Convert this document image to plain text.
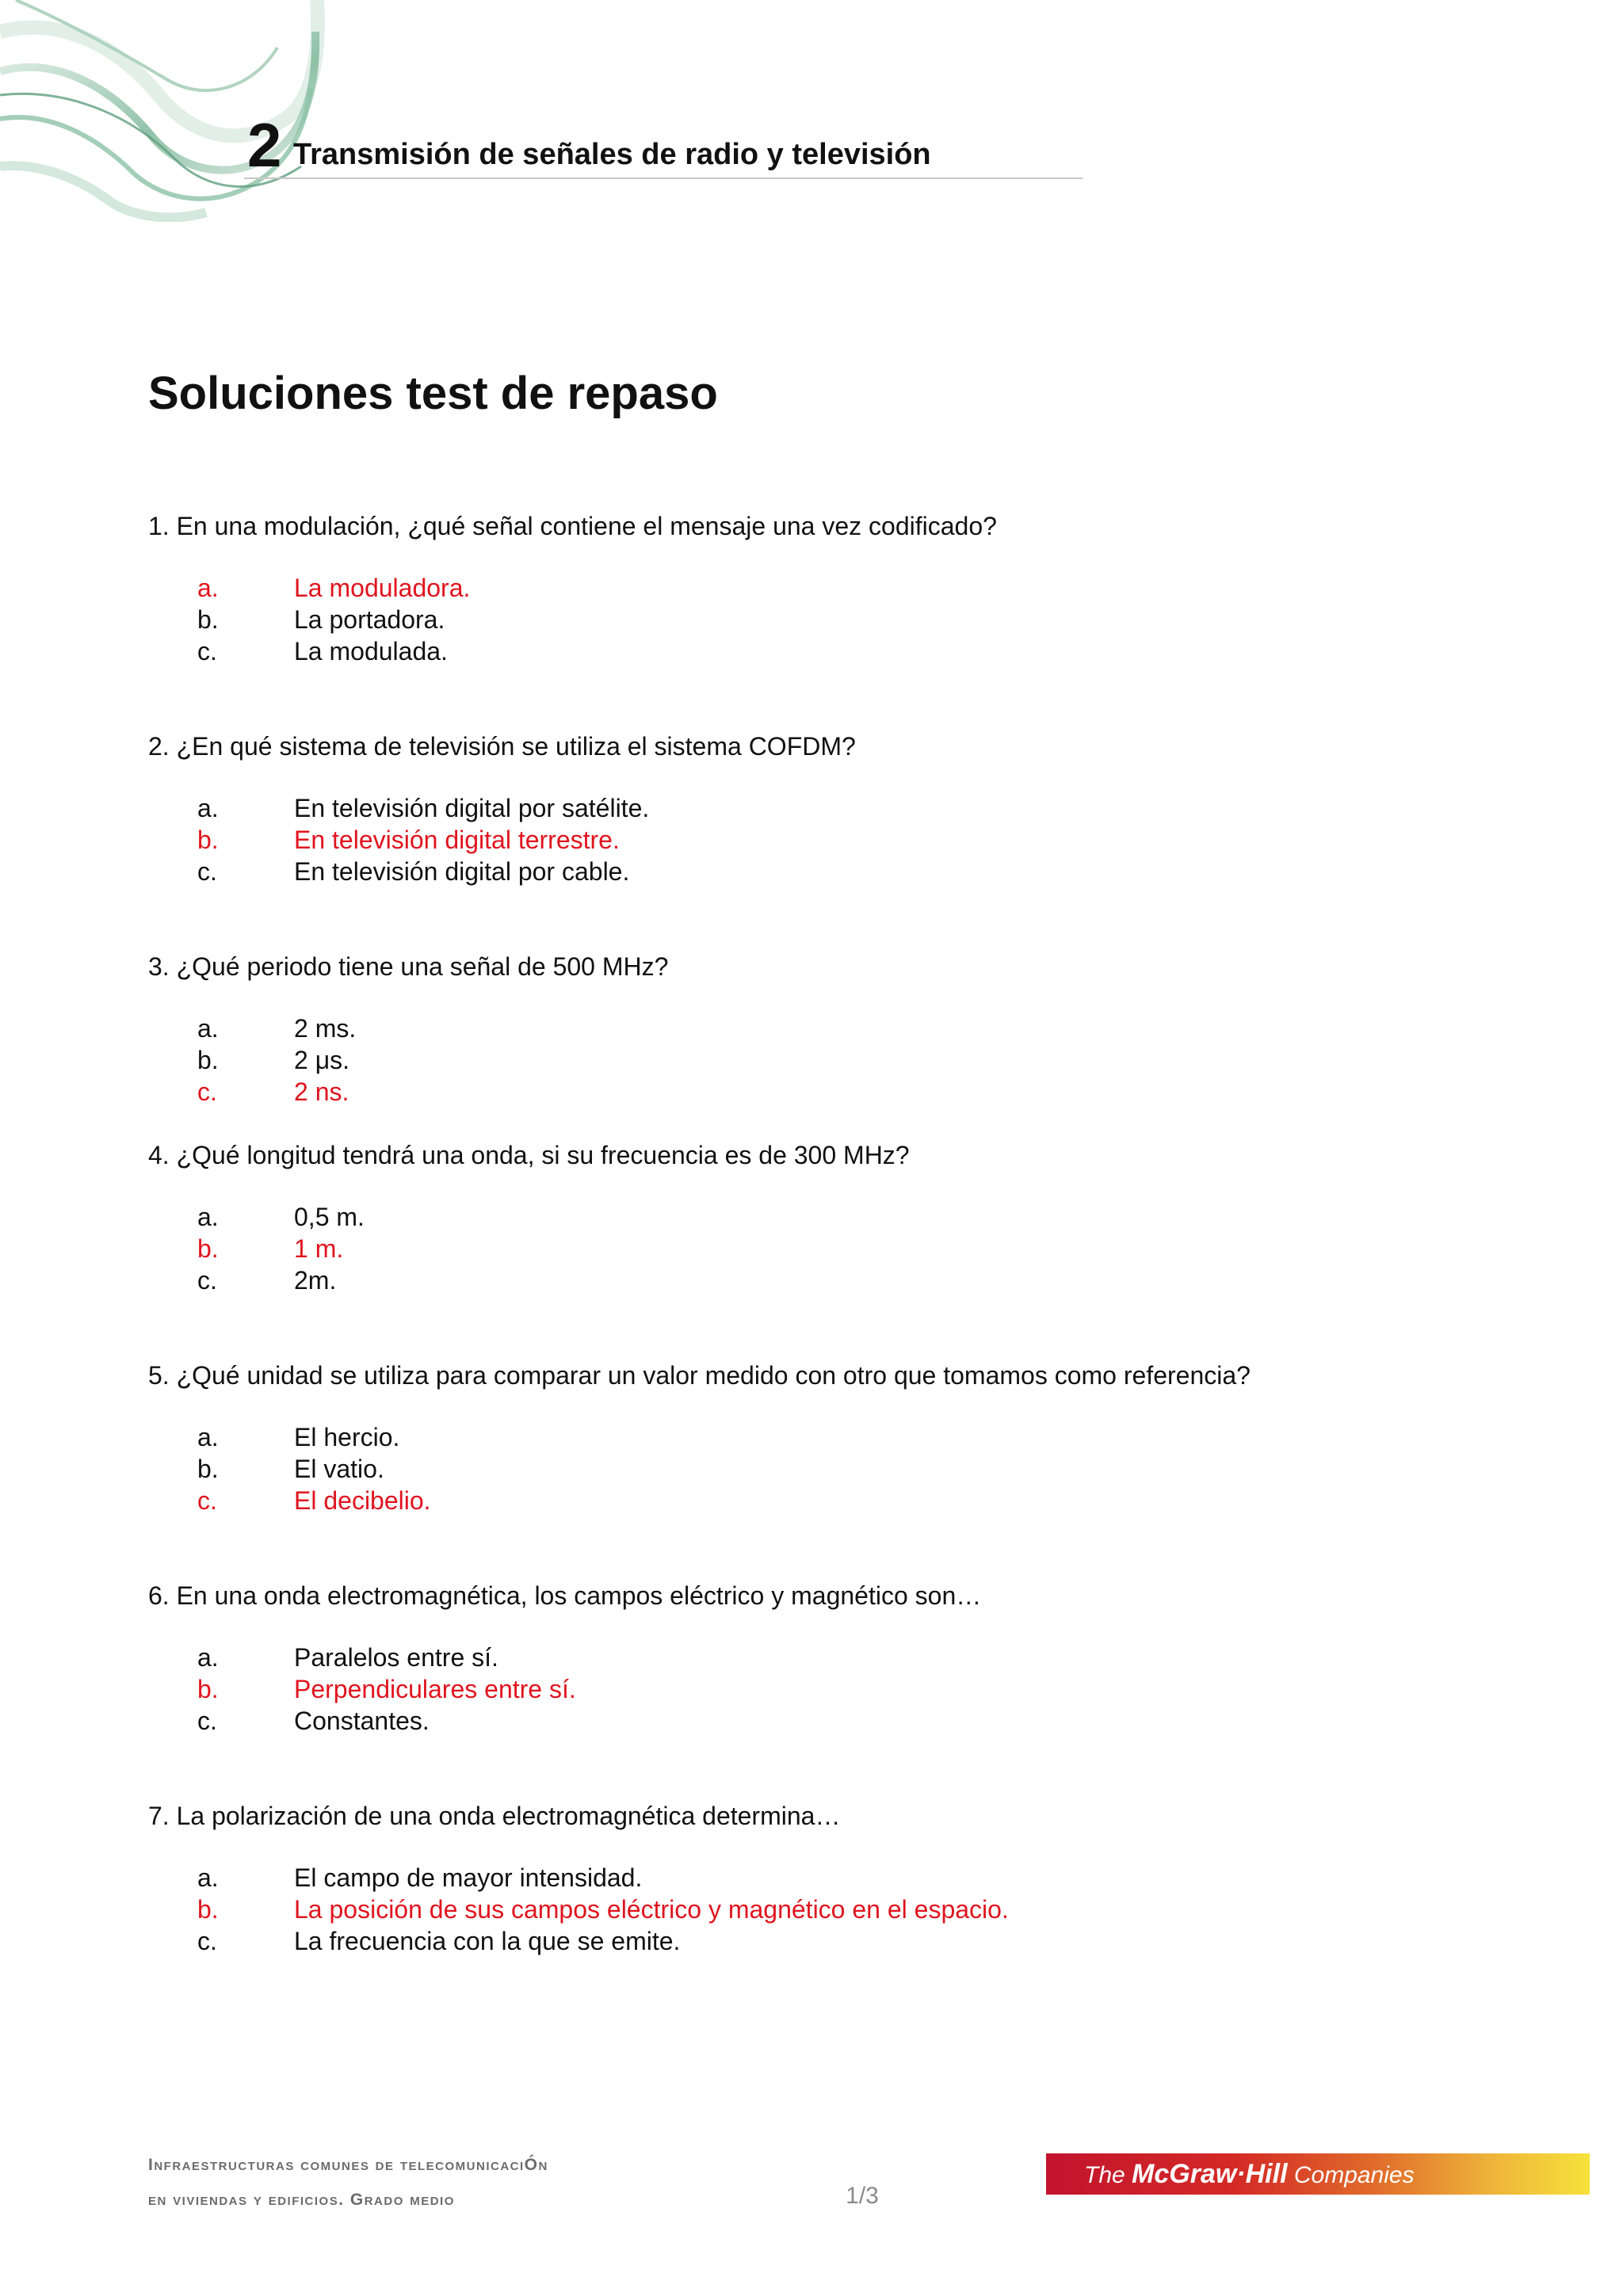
2 Transmisión de señales de radio y televisión
Soluciones test de repaso
1. En una modulación, ¿qué señal contiene el mensaje una vez codificado?
a.	La moduladora.
b.	La portadora.
c.	La modulada.
2. ¿En qué sistema de televisión se utiliza el sistema COFDM?
a.	En televisión digital por satélite.
b.	En televisión digital terrestre.
c.	En televisión digital por cable.
3. ¿Qué periodo tiene una señal de 500 MHz?
a.	2 ms.
b.	2 μs.
c.	2 ns.
4. ¿Qué longitud tendrá una onda, si su frecuencia es de 300 MHz?
a.	0,5 m.
b.	1 m.
c.	2m.
5. ¿Qué unidad se utiliza para comparar un valor medido con otro que tomamos como referencia?
a.	El hercio.
b.	El vatio.
c.	El decibelio.
6. En una onda electromagnética, los campos eléctrico y magnético son…
a.	Paralelos entre sí.
b.	Perpendiculares entre sí.
c.	Constantes.
7. La polarización de una onda electromagnética determina…
a.	El campo de mayor intensidad.
b.	La posición de sus campos eléctrico y magnético en el espacio.
c.	La frecuencia con la que se emite.
Infraestructuras comunes de telecomunicaciÓn
en viviendas y edificios. Grado medio	1/3
The McGraw·Hill Companies
